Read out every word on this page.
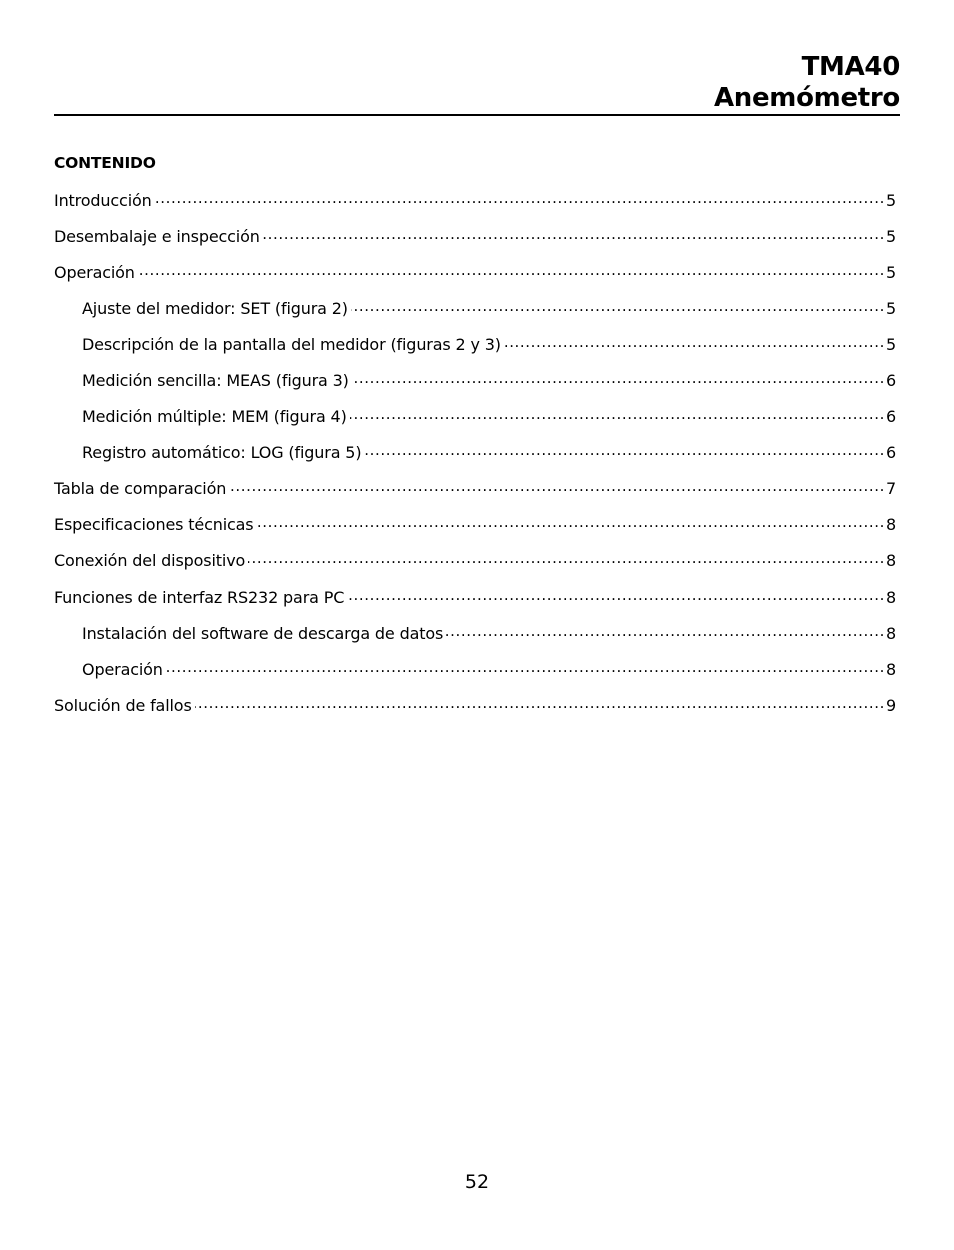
TMA40
Anemómetro
CONTENIDO
Introducción .....	5
Desembalaje e inspección .....	5
Operación .....	5
Ajuste del medidor: SET (figura 2) .....	5
Descripción de la pantalla del medidor (figuras 2 y 3) .....	5
Medición sencilla: MEAS (figura 3) .....	6
Medición múltiple: MEM (figura 4) .....	6
Registro automático: LOG (figura 5) .....	6
Tabla de comparación .....	7
Especificaciones técnicas .....	8
Conexión del dispositivo .....	8
Funciones de interfaz RS232 para PC .....	8
Instalación del software de descarga de datos .....	8
Operación .....	8
Solución de fallos .....	9
52
